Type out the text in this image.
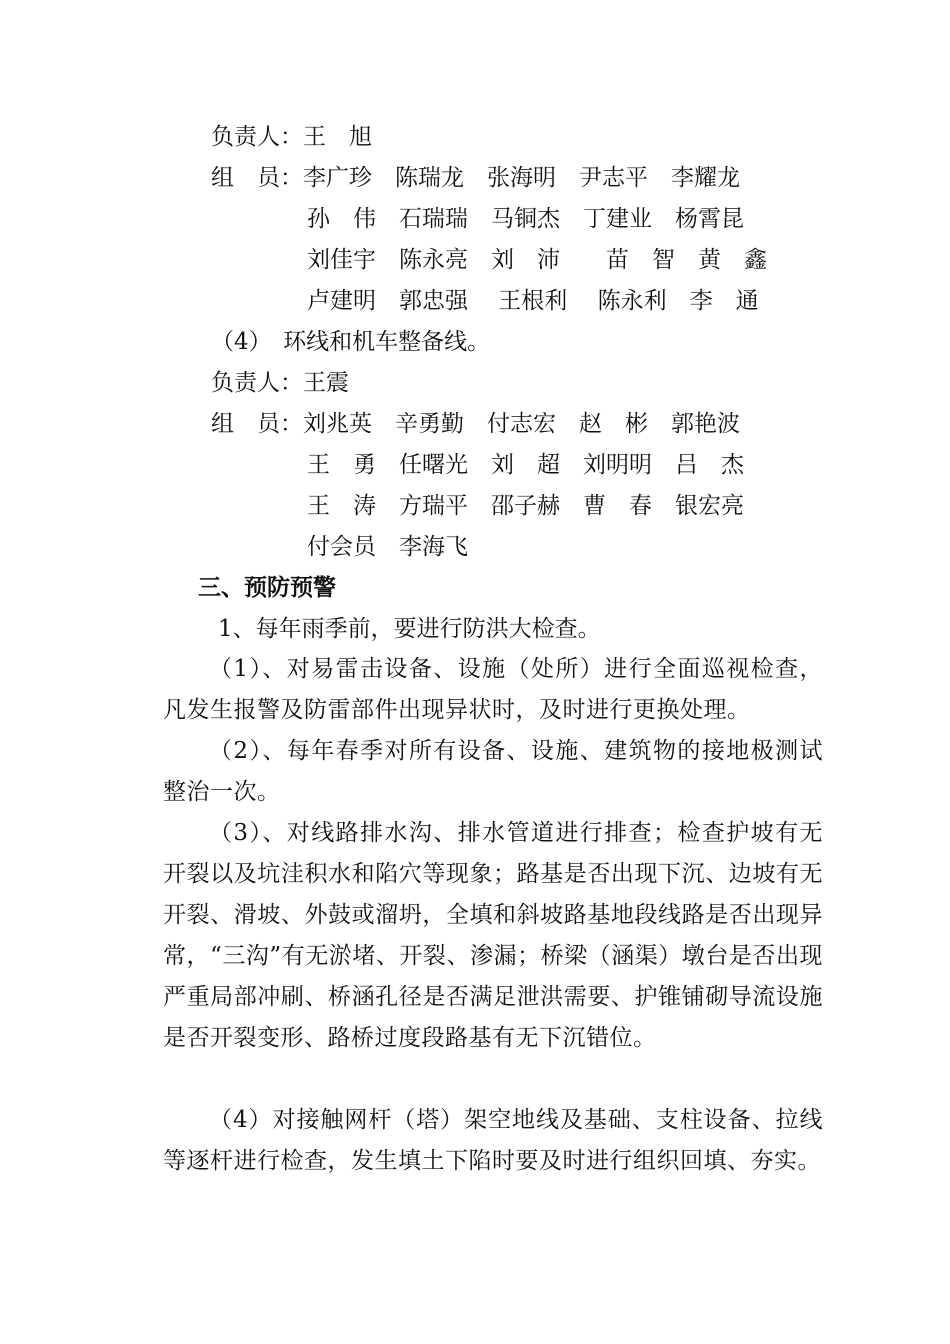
负责人：王　旭
组　员：李广珍　陈瑞龙　张海明　尹志平　李耀龙
孙　伟　石瑞瑞　马铜杰　丁建业　杨霄昆
刘佳宇　陈永亮　刘　沛　　苗　智　黄　鑫
卢建明　郭忠强　 王根利　 陈永利　李　通
（4）　环线和机车整备线。
负责人：王震
组　员：刘兆英　辛勇勤　付志宏　赵　彬　郭艳波
王　勇　任曙光　刘　超　刘明明　吕　杰
王　涛　方瑞平　邵子赫　曹　春　银宏亮
付会员　李海飞
三、预防预警
1、每年雨季前，要进行防洪大检查。
（1）、对易雷击设备、设施（处所）进行全面巡视检查，凡发生报警及防雷部件出现异状时，及时进行更换处理。
（2）、每年春季对所有设备、设施、建筑物的接地极测试整治一次。
（3）、对线路排水沟、排水管道进行排查；检查护坡有无开裂以及坑洼积水和陷穴等现象；路基是否出现下沉、边坡有无开裂、滑坡、外鼓或溜坍，全填和斜坡路基地段线路是否出现异常，“三沟”有无淤堵、开裂、渗漏；桥梁（涵渠）墩台是否出现严重局部冲刷、桥涵孔径是否满足泄洪需要、护锥铺砌导流设施是否开裂变形、路桥过度段路基有无下沉错位。
（4）对接触网杆（塔）架空地线及基础、支柱设备、拉线等逐杆进行检查，发生填土下陷时要及时进行组织回填、夯实。
